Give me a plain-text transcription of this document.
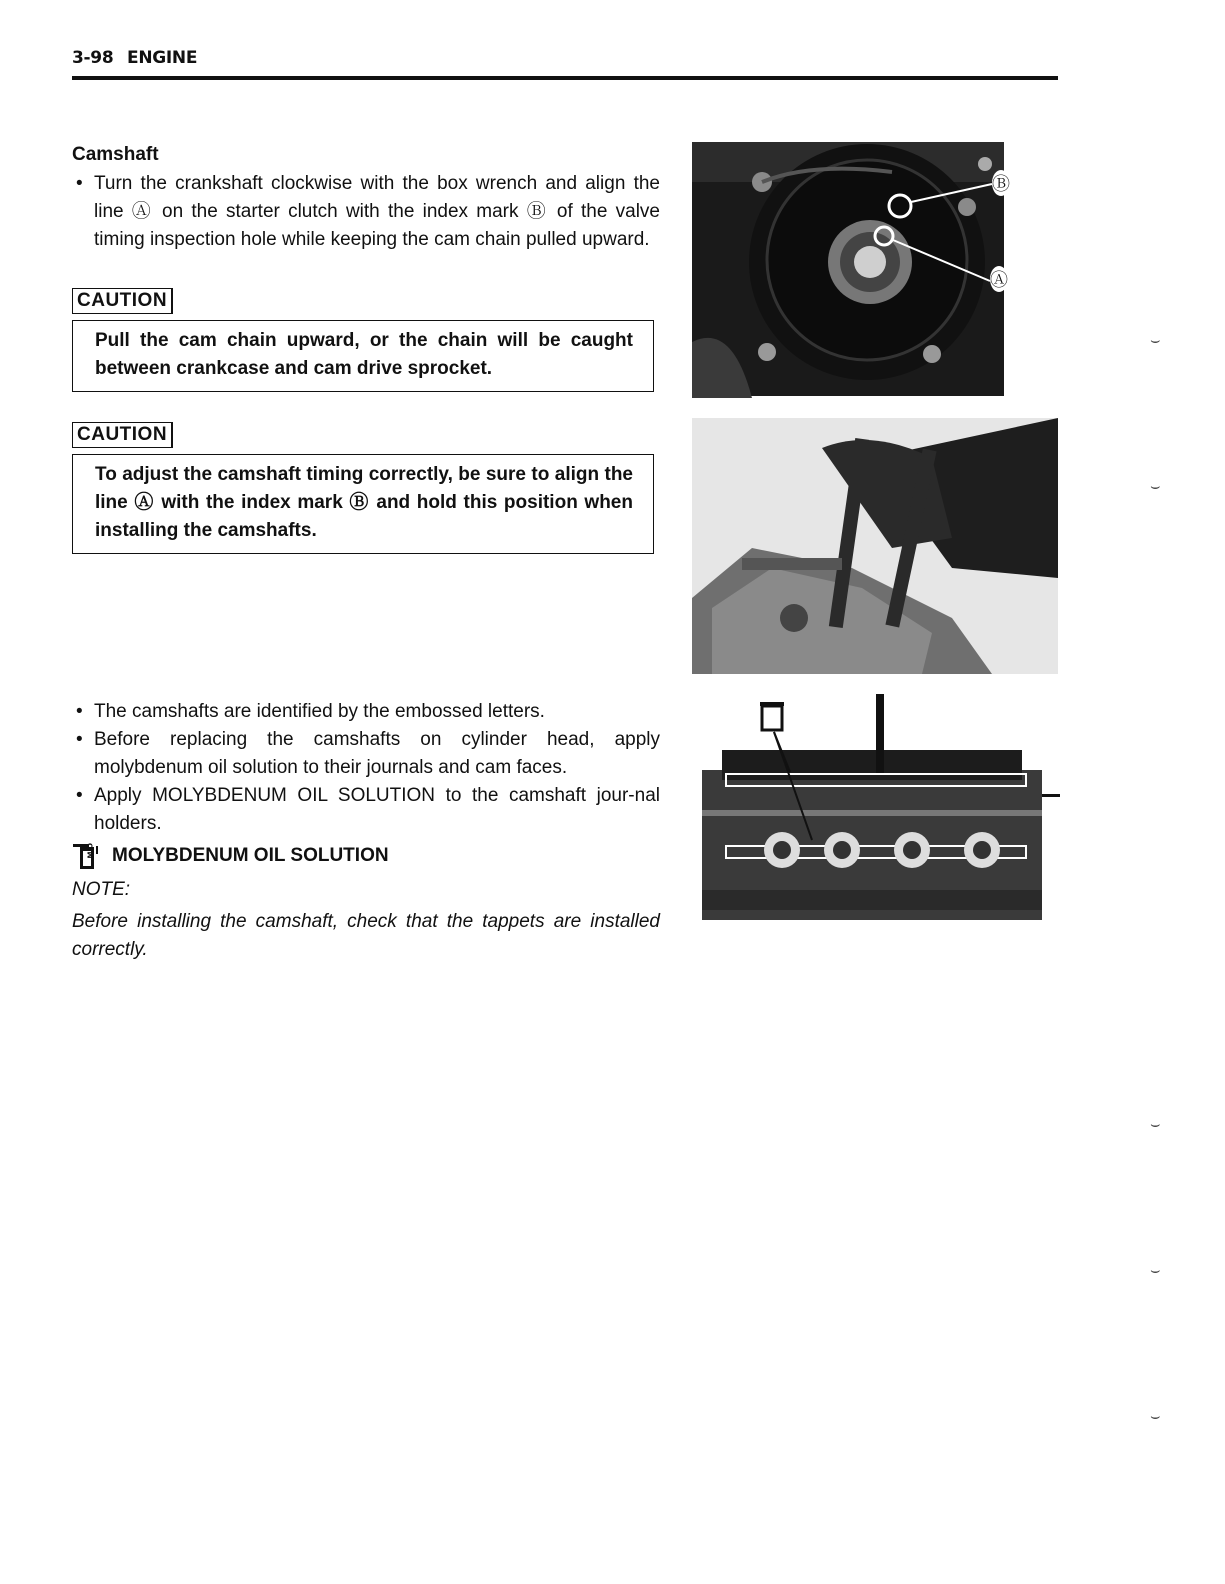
3-98 ENGINE
Camshaft
• Turn the crankshaft clockwise with the box wrench and align the line Ⓐ on the starter clutch with the index mark Ⓑ of the valve timing inspection hole while keeping the cam chain pulled upward.
CAUTION
Pull the cam chain upward, or the chain will be caught between crankcase and cam drive sprocket.
CAUTION
To adjust the camshaft timing correctly, be sure to align the line Ⓐ with the index mark Ⓑ and hold this position when installing the camshafts.
• The camshafts are identified by the embossed letters.
• Before replacing the camshafts on cylinder head, apply molybdenum oil solution to their journals and cam faces.
• Apply MOLYBDENUM OIL SOLUTION to the camshaft jour-nal holders.
M/O MOLYBDENUM OIL SOLUTION
NOTE:
Before installing the camshaft, check that the tappets are installed correctly.
Ⓑ
Ⓐ
⌣
⌣
⌣
⌣
⌣
